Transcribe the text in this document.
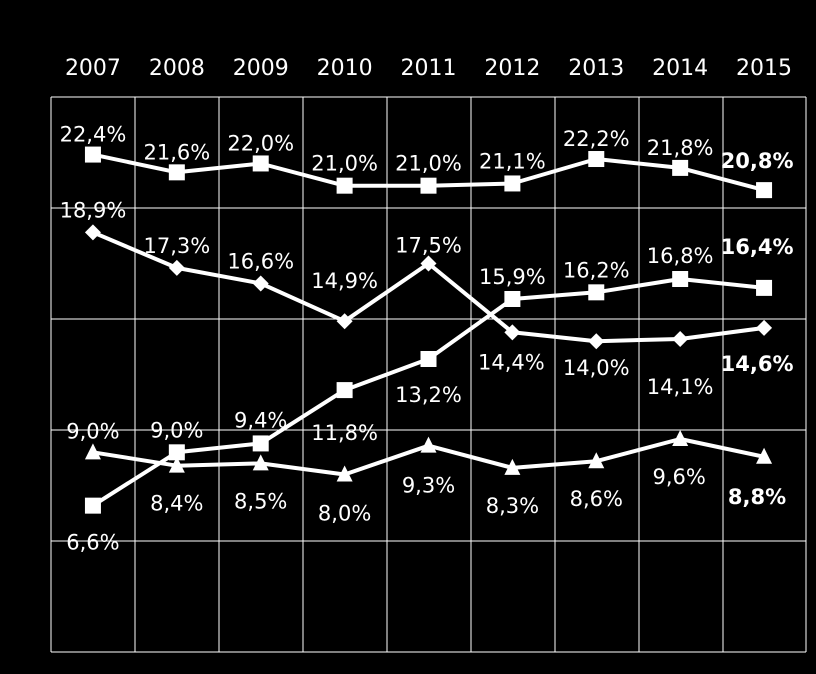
2007 2008 2009 2010 2011 2012 2013 2014 2015
22,4%
21,6% 22,0%
21,0% 21,0% 21,1%
22,2% 21,8%
20,8%
18,9%
17,3%
16,6%
14,9%
17,5%
14,4% 14,0%
14,1%
14,6%
6,6%
9,0% 9,4%
11,8%
13,2%
15,9% 16,2%
16,8% 16,4%
9,0%
8,4% 8,5%
8,0%
9,3%
8,3% 8,6%
9,6%
8,8%
